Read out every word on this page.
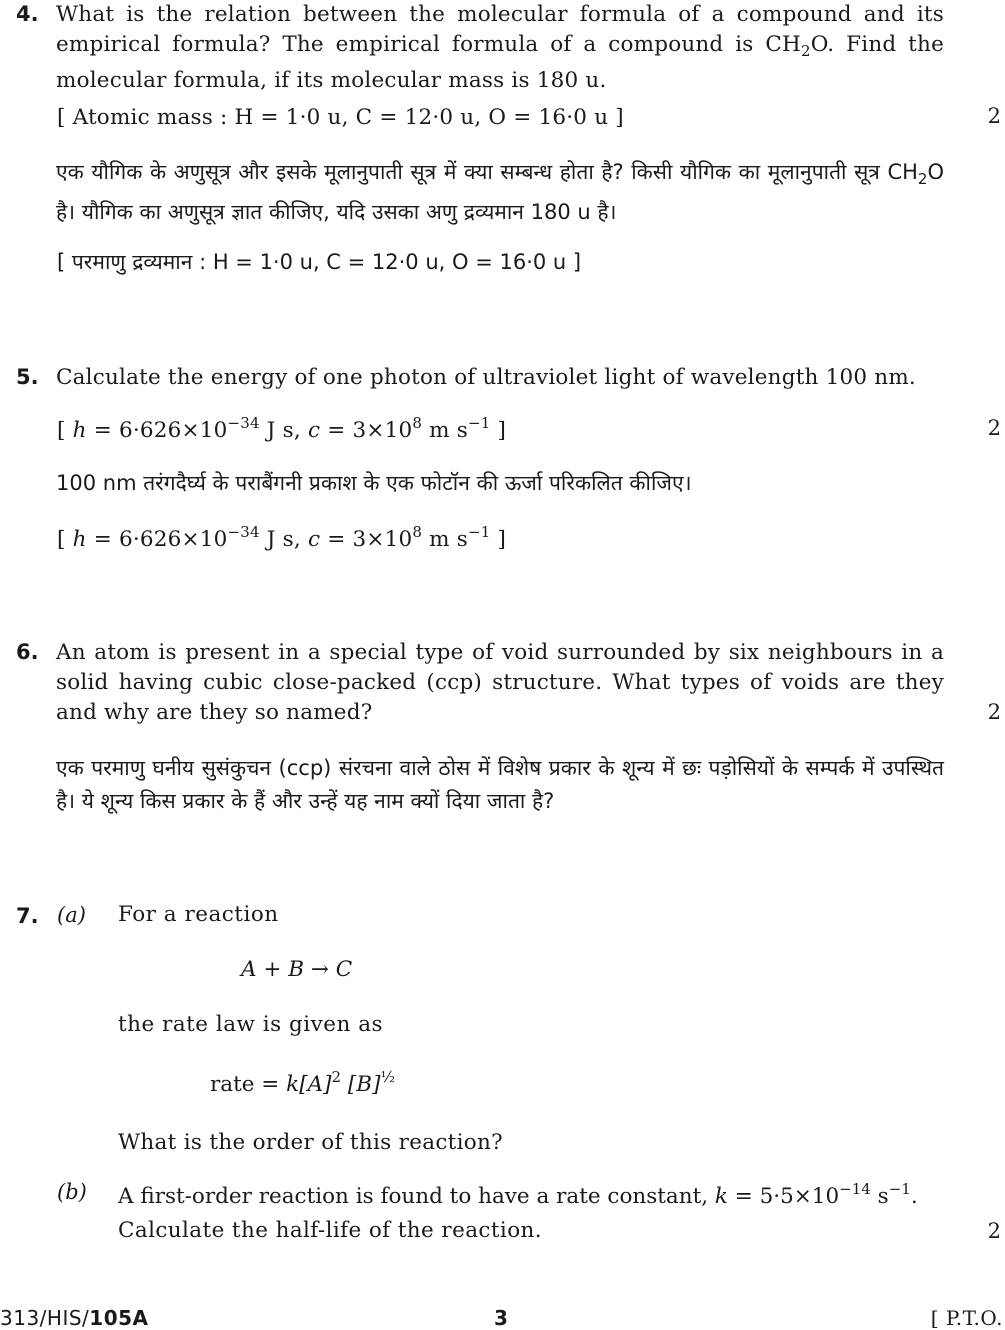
4. What is the relation between the molecular formula of a compound and its empirical formula? The empirical formula of a compound is $CH_2O$. Find the molecular formula, if its molecular mass is 180 u.
[ Atomic mass : H = 1·0 u, C = 12·0 u, O = 16·0 u ]	2
एक यौगिक के अणुसूत्र और इसके मूलानुपाती सूत्र में क्या सम्बन्ध होता है? किसी यौगिक का मूलानुपाती सूत्र $CH_2O$ है। यौगिक का अणुसूत्र ज्ञात कीजिए, यदि उसका अणु द्रव्यमान 180 u है।
[ परमाणु द्रव्यमान : H = 1·0 u, C = 12·0 u, O = 16·0 u ]
5. Calculate the energy of one photon of ultraviolet light of wavelength 100 nm.
[ $h = 6\cdot 626\times 10^{-34}$ J s, $c = 3\times 10^8$ m $s^{-1}$ ]	2
100 nm तरंगदैर्घ्य के पराबैंगनी प्रकाश के एक फोटॉन की ऊर्जा परिकलित कीजिए।
[ $h = 6\cdot 626\times 10^{-34}$ J s, $c = 3\times 10^8$ m $s^{-1}$ ]
6. An atom is present in a special type of void surrounded by six neighbours in a solid having cubic close-packed (ccp) structure. What types of voids are they and why are they so named?	2
एक परमाणु घनीय सुसंकुचन (ccp) संरचना वाले ठोस में विशेष प्रकार के शून्य में छः पड़ोसियों के सम्पर्क में उपस्थित है। ये शून्य किस प्रकार के हैं और उन्हें यह नाम क्यों दिया जाता है?
7. (a) For a reaction
A + B → C
the rate law is given as
rate = $k[A]^2$ $[B]^{\frac{1}{2}}$
What is the order of this reaction?
(b) A first-order reaction is found to have a rate constant, $k = 5\cdot 5\times 10^{-14}$ $s^{-1}$.
Calculate the half-life of the reaction.	2
313/HIS/105A	3	[ P.T.O.
